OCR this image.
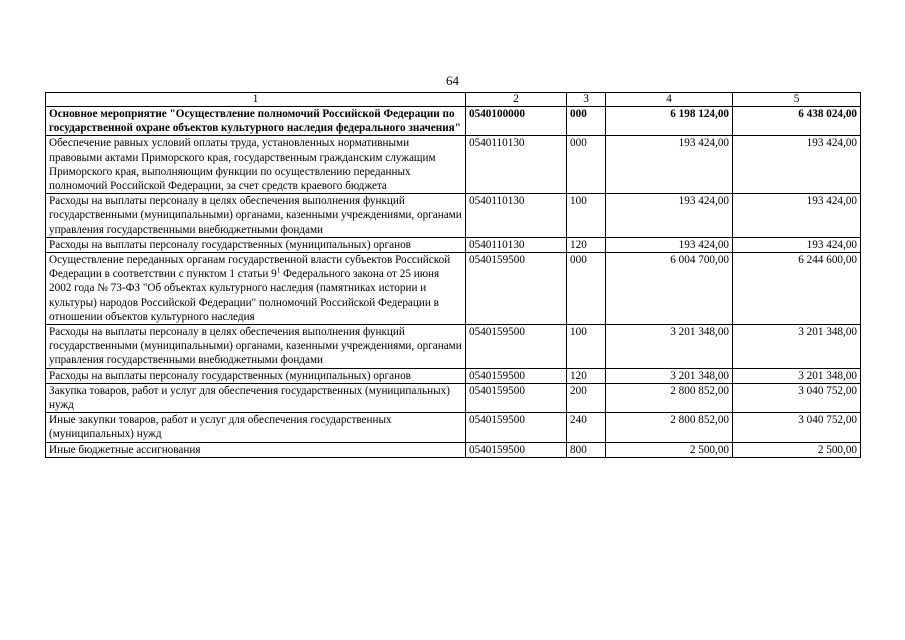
64
1	2	3	4	5
Основное мероприятие "Осуществление полномочий Российской Федерации по государственной охране объектов культурного наследия федерального значения"	0540100000	000	6 198 124,00	6 438 024,00
Обеспечение равных условий оплаты труда, установленных нормативными правовыми актами Приморского края, государственным гражданским служащим Приморского края, выполняющим функции по осуществлению переданных полномочий Российской Федерации, за счет средств краевого бюджета	0540110130	000	193 424,00	193 424,00
Расходы на выплаты персоналу в целях обеспечения выполнения функций государственными (муниципальными) органами, казенными учреждениями, органами управления государственными внебюджетными фондами	0540110130	100	193 424,00	193 424,00
Расходы на выплаты персоналу государственных (муниципальных) органов	0540110130	120	193 424,00	193 424,00
Осуществление переданных органам государственной власти субъектов Российской Федерации в соответствии с пунктом 1 статьи $9^1$ Федерального закона от 25 июня 2002 года № 73-ФЗ "Об объектах культурного наследия (памятниках истории и культуры) народов Российской Федерации" полномочий Российской Федерации в отношении объектов культурного наследия	0540159500	000	6 004 700,00	6 244 600,00
Расходы на выплаты персоналу в целях обеспечения выполнения функций государственными (муниципальными) органами, казенными учреждениями, органами управления государственными внебюджетными фондами	0540159500	100	3 201 348,00	3 201 348,00
Расходы на выплаты персоналу государственных (муниципальных) органов	0540159500	120	3 201 348,00	3 201 348,00
Закупка товаров, работ и услуг для обеспечения государственных (муниципальных) нужд	0540159500	200	2 800 852,00	3 040 752,00
Иные закупки товаров, работ и услуг для обеспечения государственных (муниципальных) нужд	0540159500	240	2 800 852,00	3 040 752,00
Иные бюджетные ассигнования	0540159500	800	2 500,00	2 500,00
